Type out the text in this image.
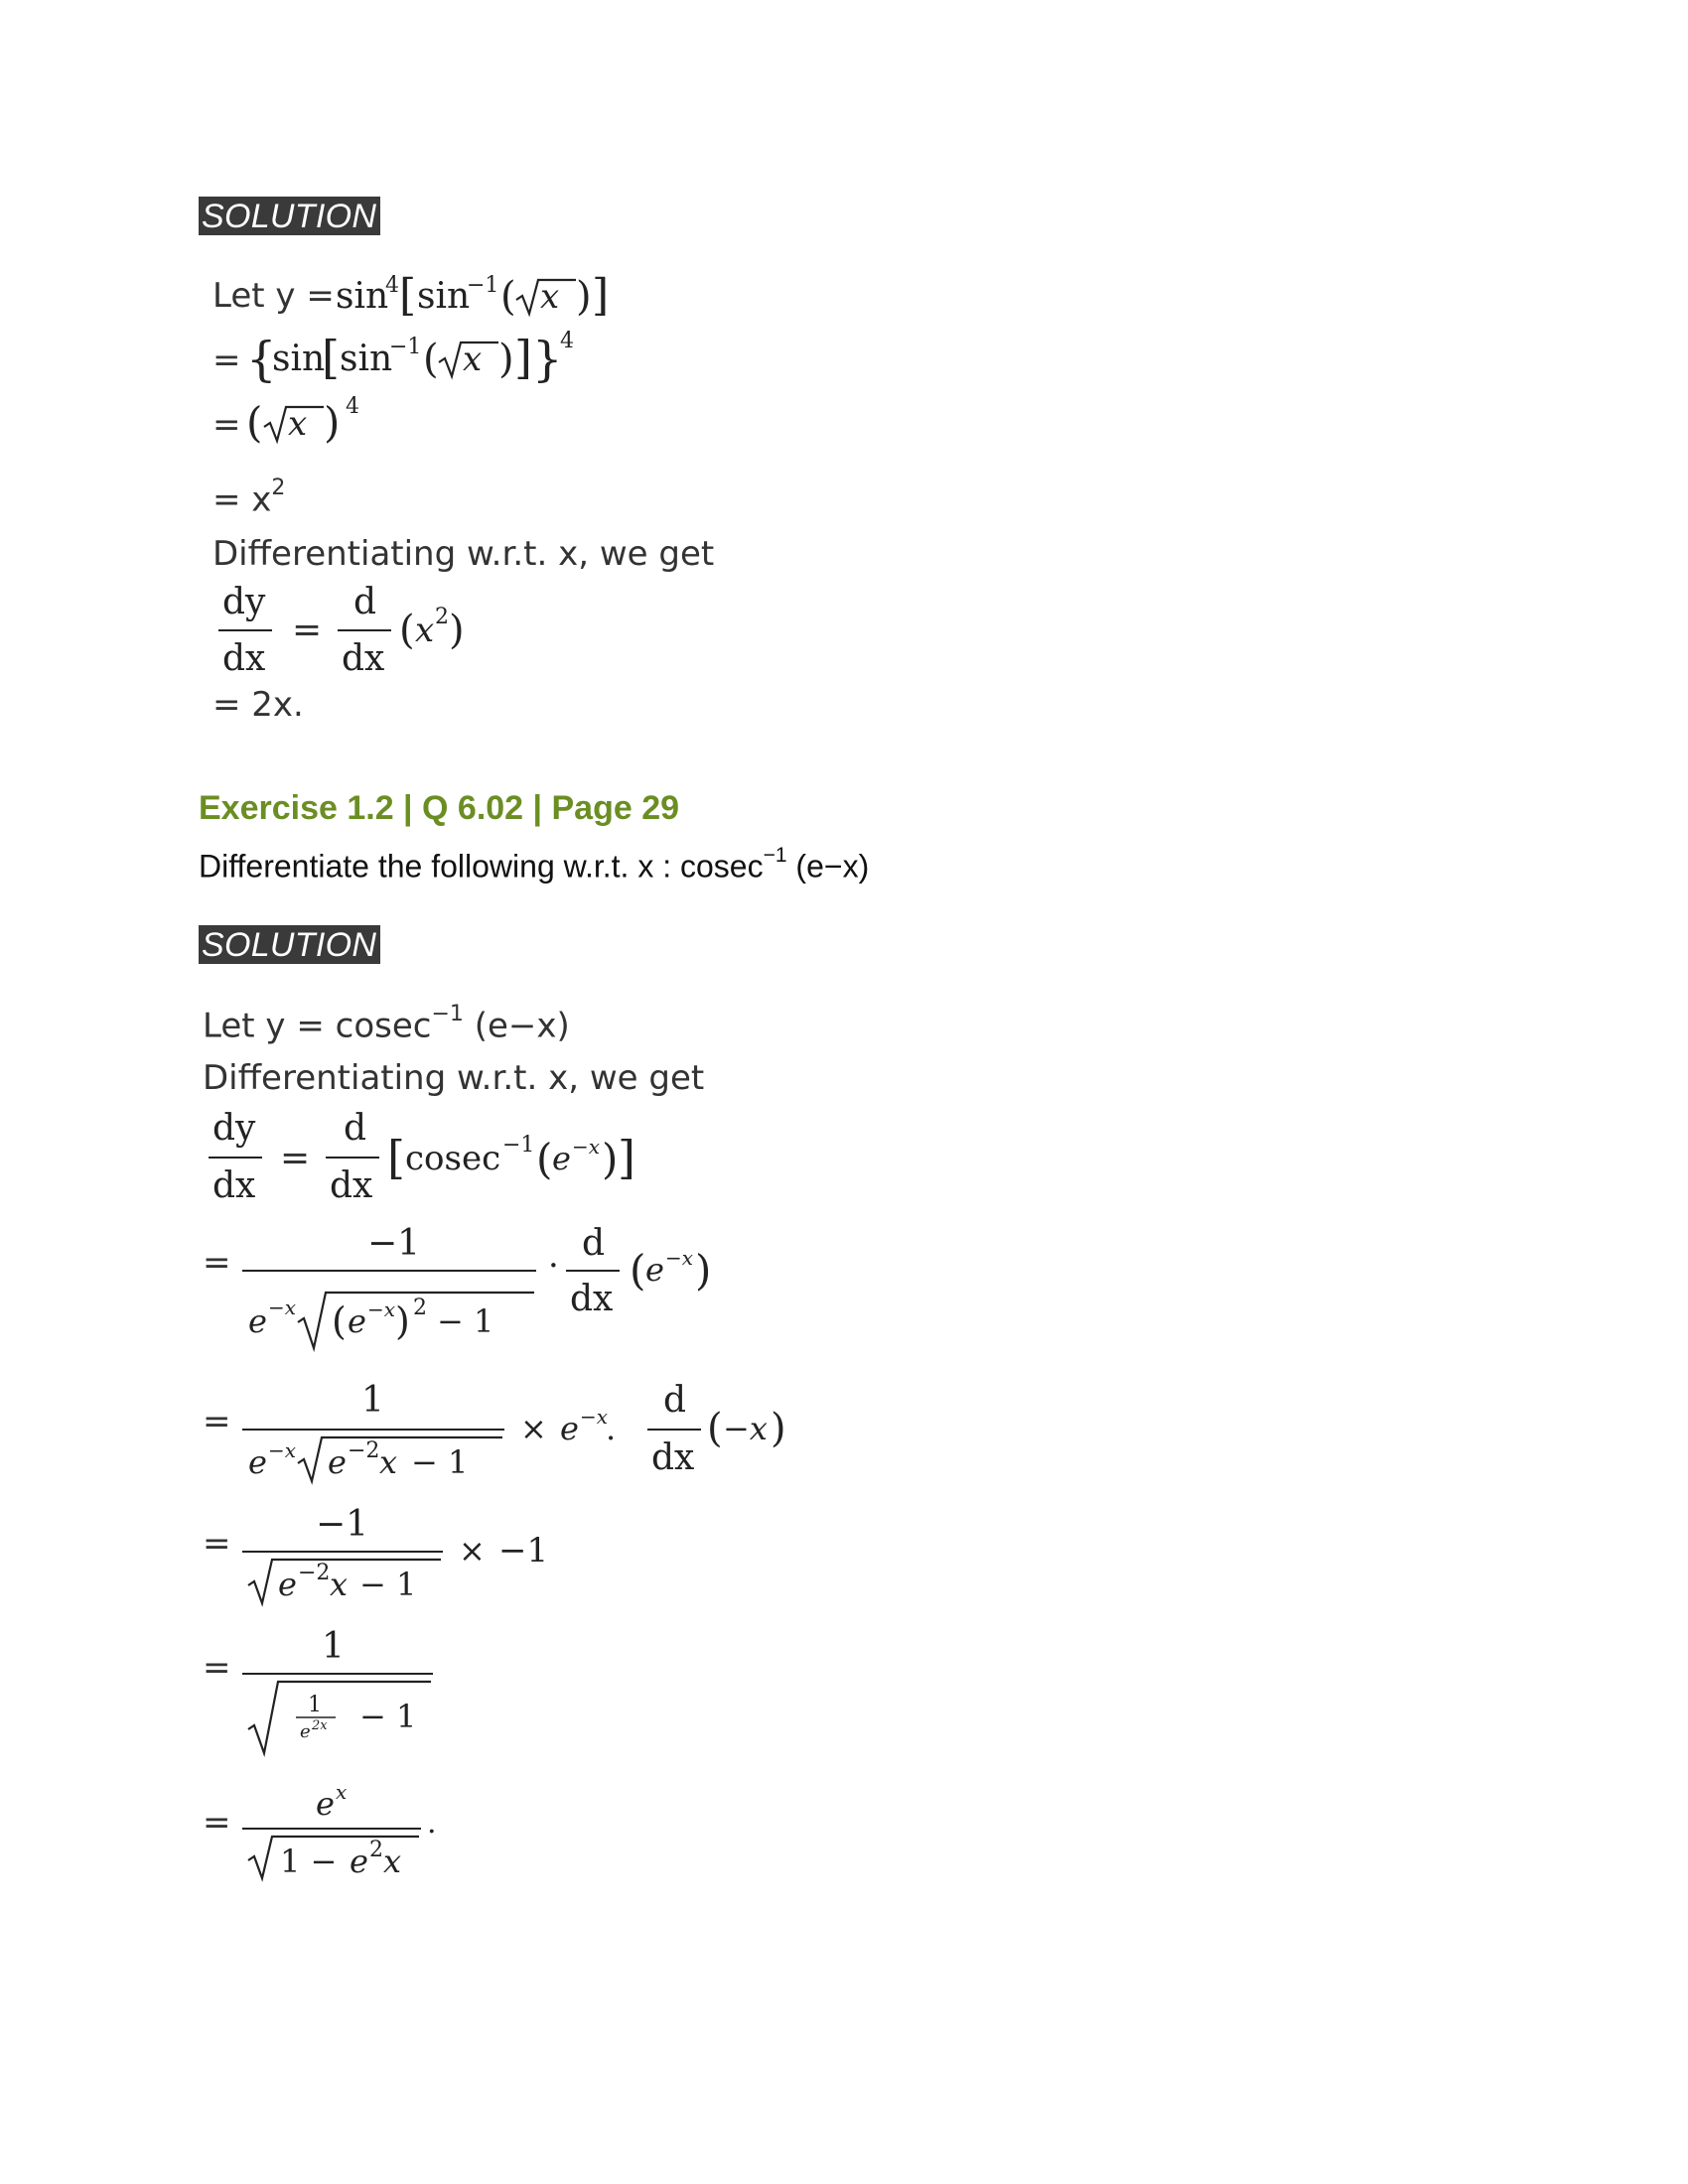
SOLUTION
Let y = sin
4 [ sin
−1 ( x ) ]
= {
sin
[ sin
−1 ( x ) ] }
4
= ( x ) 4
= $x^2$
Differentiating w.r.t. x, we get
dy
dx
=
d
dx
( x 2 )
= 2x.
Exercise 1.2 | Q 6.02 | Page 29
Differentiate the following w.r.t. x : cosec$^{-1}$ (e−x)
SOLUTION
Let y = cosec$^{-1}$ (e−x)
Differentiating w.r.t. x, we get
dy
dx
=
d
dx
[ cosec −1 ( e −x ) ]
=	−1
e −x ( e −x ) 2 − 1
·
d
dx
( e −x )
=
1
e −x e −2 x − 1
× e −x
.
d
dx
( −x )
= −1
e −2 x − 1
× −1
=
1
1
e 2x − 1
=	e x
1 − e 2 x
.
